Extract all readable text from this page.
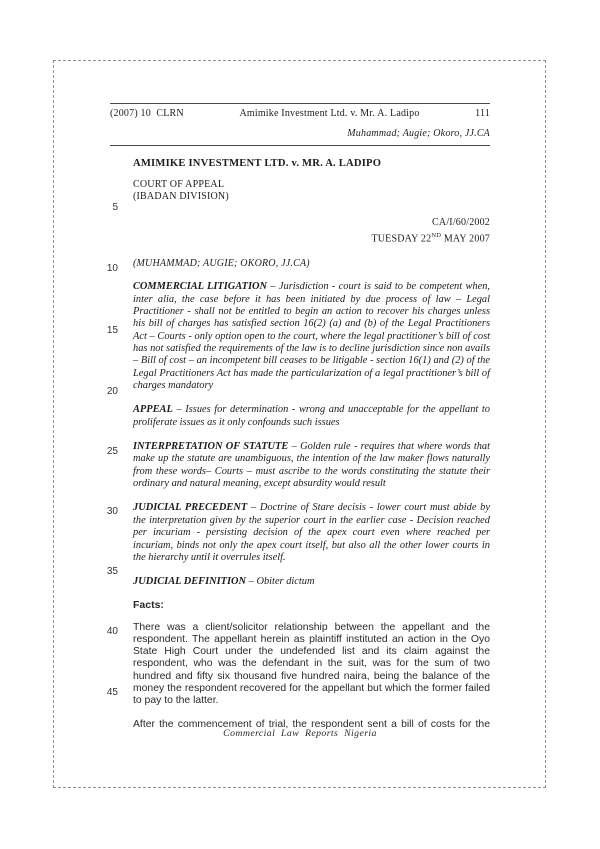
5
10
15
20
25
30
35
40
45
(2007) 10  CLRN	Amimike Investment Ltd. v. Mr. A. Ladipo	111
Muhammad; Augie; Okoro, JJ.CA
AMIMIKE INVESTMENT LTD. v. MR. A. LADIPO
COURT OF APPEAL
(IBADAN DIVISION)
CA/I/60/2002
TUESDAY 22ND MAY 2007
(MUHAMMAD; AUGIE; OKORO, JJ.CA)

COMMERCIAL LITIGATION – Jurisdiction - court is said to be competent when, inter alia, the case before it has been initiated by due process of law – Legal Practitioner - shall not be entitled to begin an action to recover his charges unless his bill of charges has satisfied section 16(2) (a) and (b) of the Legal Practitioners Act – Courts - only option open to the court, where the legal practitioner’s bill of cost has not satisfied the requirements of the law is to decline jurisdiction since non avails – Bill of cost – an incompetent bill ceases to be litigable - section 16(1) and (2) of the Legal Practitioners Act has made the particularization of a legal practitioner’s bill of charges mandatory

APPEAL – Issues for determination - wrong and unacceptable for the appellant to proliferate issues as it only confounds such issues

INTERPRETATION OF STATUTE – Golden rule - requires that where words that make up the statute are unambiguous, the intention of the law maker flows naturally from these words– Courts – must ascribe to the words constituting the statute their ordinary and natural meaning, except absurdity would result

JUDICIAL PRECEDENT – Doctrine of Stare decisis - lower court must abide by the interpretation given by the superior court in the earlier case - Decision reached per incuriam - persisting decision of the apex court even where reached per incuriam, binds not only the apex court itself, but also all the other lower courts in the hierarchy until it overrules itself.

JUDICIAL DEFINITION – Obiter dictum

Facts:

There was a client/solicitor relationship between the appellant and the respondent. The appellant herein as plaintiff instituted an action in the Oyo State High Court under the undefended list and its claim against the respondent, who was the defendant in the suit, was for the sum of two hundred and fifty six thousand five hundred naira, being the balance of the money the respondent recovered for the appellant but which the former failed to pay to the latter.

After the commencement of trial, the respondent sent a bill of costs for the

Commercial Law Reports Nigeria
